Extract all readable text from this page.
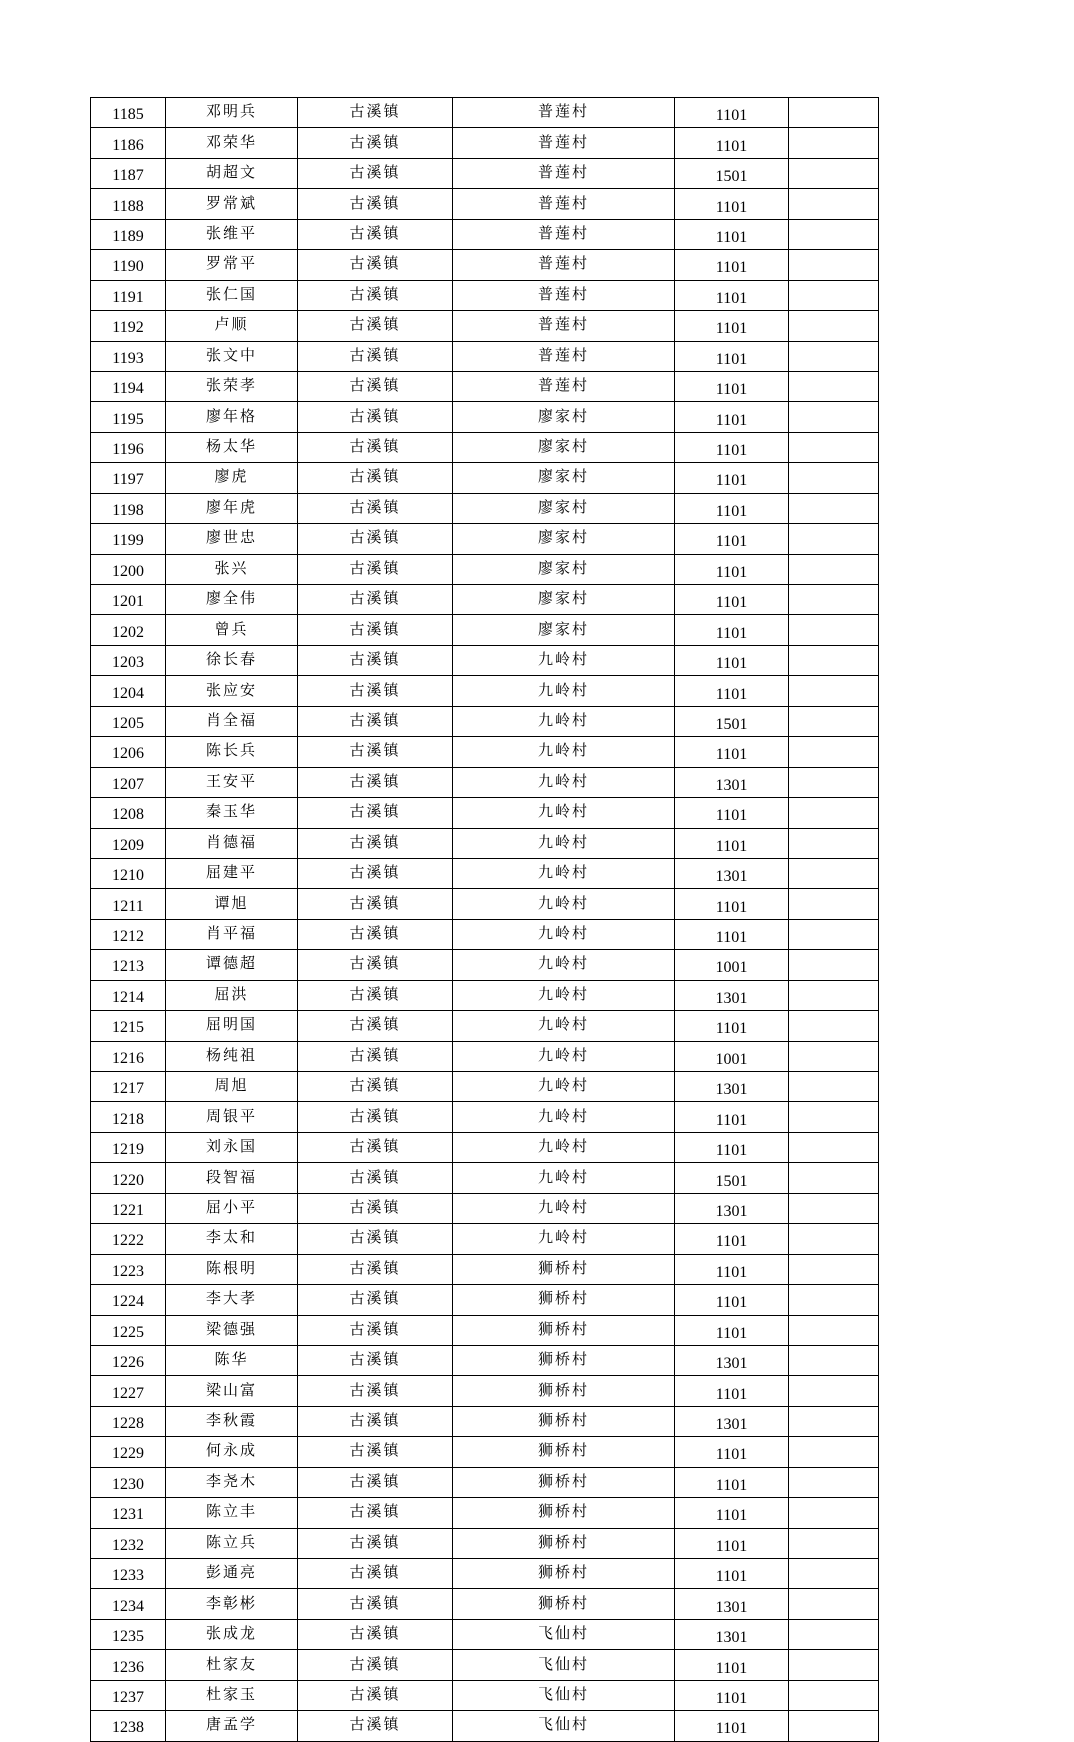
1185	邓明兵	古溪镇	普莲村	1101	
1186	邓荣华	古溪镇	普莲村	1101	
1187	胡超文	古溪镇	普莲村	1501	
1188	罗常斌	古溪镇	普莲村	1101	
1189	张维平	古溪镇	普莲村	1101	
1190	罗常平	古溪镇	普莲村	1101	
1191	张仁国	古溪镇	普莲村	1101	
1192	卢顺	古溪镇	普莲村	1101	
1193	张文中	古溪镇	普莲村	1101	
1194	张荣孝	古溪镇	普莲村	1101	
1195	廖年格	古溪镇	廖家村	1101	
1196	杨太华	古溪镇	廖家村	1101	
1197	廖虎	古溪镇	廖家村	1101	
1198	廖年虎	古溪镇	廖家村	1101	
1199	廖世忠	古溪镇	廖家村	1101	
1200	张兴	古溪镇	廖家村	1101	
1201	廖全伟	古溪镇	廖家村	1101	
1202	曾兵	古溪镇	廖家村	1101	
1203	徐长春	古溪镇	九岭村	1101	
1204	张应安	古溪镇	九岭村	1101	
1205	肖全福	古溪镇	九岭村	1501	
1206	陈长兵	古溪镇	九岭村	1101	
1207	王安平	古溪镇	九岭村	1301	
1208	秦玉华	古溪镇	九岭村	1101	
1209	肖德福	古溪镇	九岭村	1101	
1210	屈建平	古溪镇	九岭村	1301	
1211	谭旭	古溪镇	九岭村	1101	
1212	肖平福	古溪镇	九岭村	1101	
1213	谭德超	古溪镇	九岭村	1001	
1214	屈洪	古溪镇	九岭村	1301	
1215	屈明国	古溪镇	九岭村	1101	
1216	杨纯祖	古溪镇	九岭村	1001	
1217	周旭	古溪镇	九岭村	1301	
1218	周银平	古溪镇	九岭村	1101	
1219	刘永国	古溪镇	九岭村	1101	
1220	段智福	古溪镇	九岭村	1501	
1221	屈小平	古溪镇	九岭村	1301	
1222	李太和	古溪镇	九岭村	1101	
1223	陈根明	古溪镇	狮桥村	1101	
1224	李大孝	古溪镇	狮桥村	1101	
1225	梁德强	古溪镇	狮桥村	1101	
1226	陈华	古溪镇	狮桥村	1301	
1227	梁山富	古溪镇	狮桥村	1101	
1228	李秋霞	古溪镇	狮桥村	1301	
1229	何永成	古溪镇	狮桥村	1101	
1230	李尧木	古溪镇	狮桥村	1101	
1231	陈立丰	古溪镇	狮桥村	1101	
1232	陈立兵	古溪镇	狮桥村	1101	
1233	彭通亮	古溪镇	狮桥村	1101	
1234	李彰彬	古溪镇	狮桥村	1301	
1235	张成龙	古溪镇	飞仙村	1301	
1236	杜家友	古溪镇	飞仙村	1101	
1237	杜家玉	古溪镇	飞仙村	1101	
1238	唐孟学	古溪镇	飞仙村	1101	
